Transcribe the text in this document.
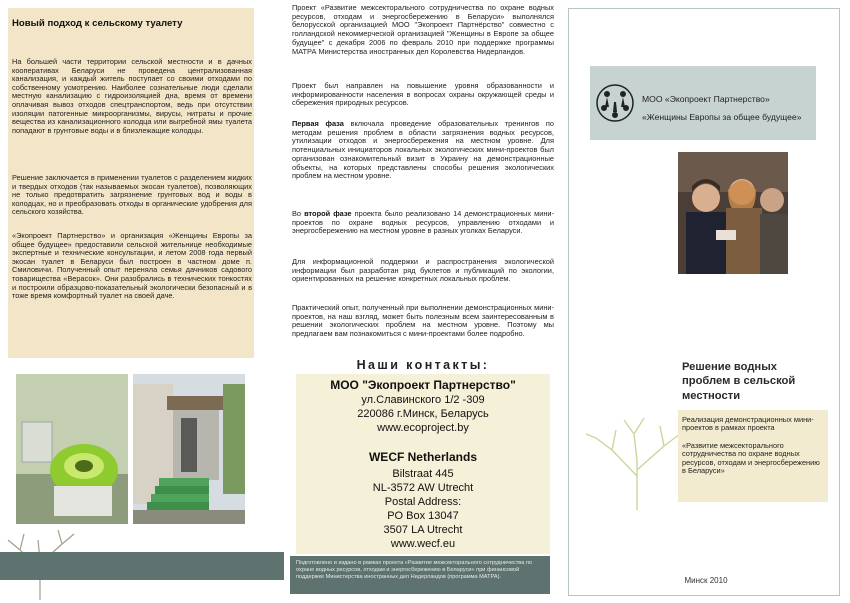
Новый подход к сельскому туалету
На большей части территории сельской местности и в дачных кооперативах Беларуси не проведена централизованная канализация, и каждый житель поступает со своими отходами по собственному усмотрению. Наиболее сознательные люди сделали местную канализацию с гидроизоляцией дна, время от времени оплачивая вывоз отходов спецтранспортом, ведь при отсутствии изоляции патогенные микроорганизмы, вирусы, нитраты и прочие вещества из канализационного колодца или выгребной ямы туалета попадают в грунтовые воды и в близлежащие колодцы.
Решение заключается в применении туалетов с разделением жидких и твердых отходов (так называемых экосан туалетов), позволяющих не только предотвратить загрязнение грунтовых вод и воды в колодцах, но и преобразовать отходы в органические удобрения для сельского хозяйства.
«Экопроект Партнерство» и организация «Женщины Европы за общее будущее» предоставили сельской жительнице необходимые экспертные и технические консультации, и летом 2008 года первый экосан туалет в Беларуси был построен в частном доме п. Смиловичи. Полученный опыт переняла семья дачников садового товарищества «Верасок». Они разобрались в технических тонкостях и построили образцово-показательный экологически безопасный и в тоже время комфортный туалет на своей даче.
Проект «Развитие межсекторального сотрудничества по охране водных ресурсов, отходам и энергосбережению в Беларуси» выполнялся белорусской организацией МОО "Экопроект Партнёрство" совместно с голландской некоммерческой организацией "Женщины в Европе за общее будущее" с декабря 2006 по февраль 2010 при поддержке программы МАТРА Министерства иностранных дел Королевства Нидерландов.
Проект был направлен на повышение уровня образованности и информированности населения в вопросах охраны окружающей среды и сбережения природных ресурсов.
Первая фаза включала проведение образовательных тренингов по методам решения проблем в области загрязнения водных ресурсов, утилизации отходов и энергосбережения на местном уровне. Для потенциальных инициаторов локальных экологических мини-проектов был организован ознакомительный визит в Украину на демонстрационные объекты, на которых представлены способы решения экологических проблем на местном уровне.
Во второй фазе проекта было реализовано 14 демонстрационных мини-проектов по охране водных ресурсов, управлению отходами и энергосбережению на местном уровне в разных уголках Беларуси.
Для информационной поддержки и распространения экологической информации был разработан ряд буклетов и публикаций по экологии, ориентированных на решение конкретных локальных проблем.
Практический опыт, полученный при выполнении демонстрационных мини-проектов, на наш взгляд, может быть полезным всем заинтересованным в решении экологических проблем на местном уровне. Поэтому мы предлагаем вам познакомиться с мини-проектами более подробно.
Наши контакты:
МОО "Экопроект Партнерство"
ул.Славинского 1/2 -309
220086 г.Минск, Беларусь
www.ecoproject.by
WECF Netherlands
Bilstraat 445
NL-3572 AW Utrecht
Postal Address:
PO Box 13047
3507 LA Utrecht
www.wecf.eu
Подготовлено и издано в рамках проекта «Развитие межсекторального сотрудничества по охране водных ресурсов, отходам и энергосбережению в Беларуси» при финансовой поддержке Министерства иностранных дел Нидерландов (программа МАТРА).
МОО «Экопроект Партнерство»
«Женщины Европы за общее будущее»
Решение водных проблем в сельской местности

Реализация демонстрационных мини-проектов в рамках проекта

«Развитие межсекторального сотрудничества по охране водных ресурсов, отходам и энергосбережению в Беларуси»

Минск 2010
